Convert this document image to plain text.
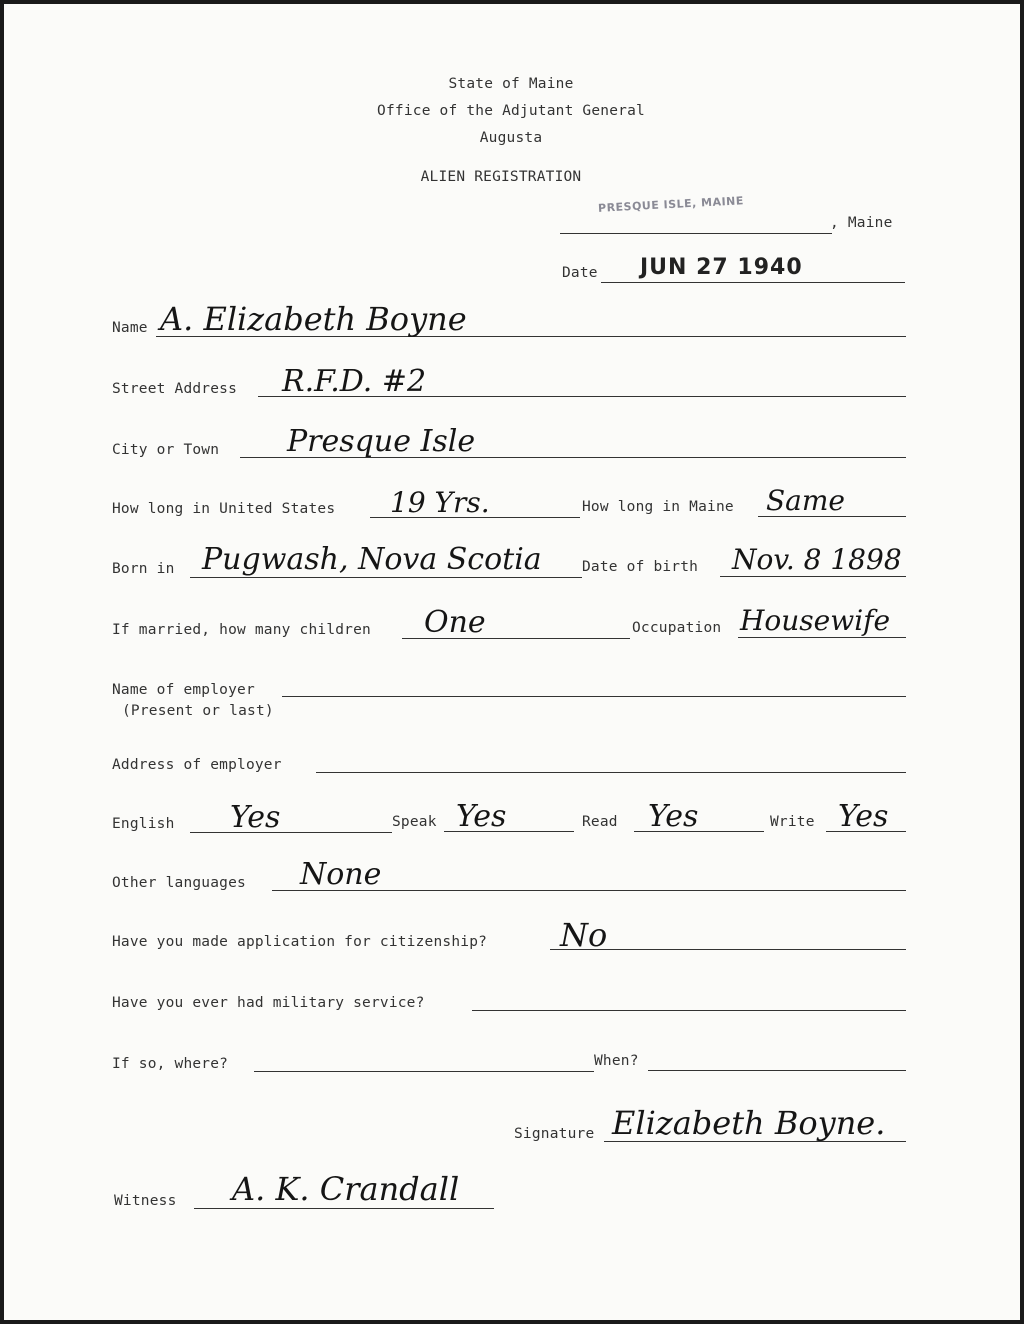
State of Maine
Office of the Adjutant General
Augusta
ALIEN REGISTRATION
PRESQUE ISLE, MAINE
, Maine
Date JUN 27 1940
Name A. Elizabeth Boyne
Street Address R.F.D. #2
City or Town Presque Isle
How long in United States 19 Yrs.	How long in Maine Same
Born in Pugwash, Nova Scotia	Date of birth Nov. 8 1898
If married, how many children One	Occupation Housewife
Name of employer
(Present or last)
Address of employer
English Yes	Speak Yes	Read Yes	Write Yes
Other languages None
Have you made application for citizenship? No
Have you ever had military service?
If so, where?	When?
Signature Elizabeth Boyne.
Witness A. K. Crandall
